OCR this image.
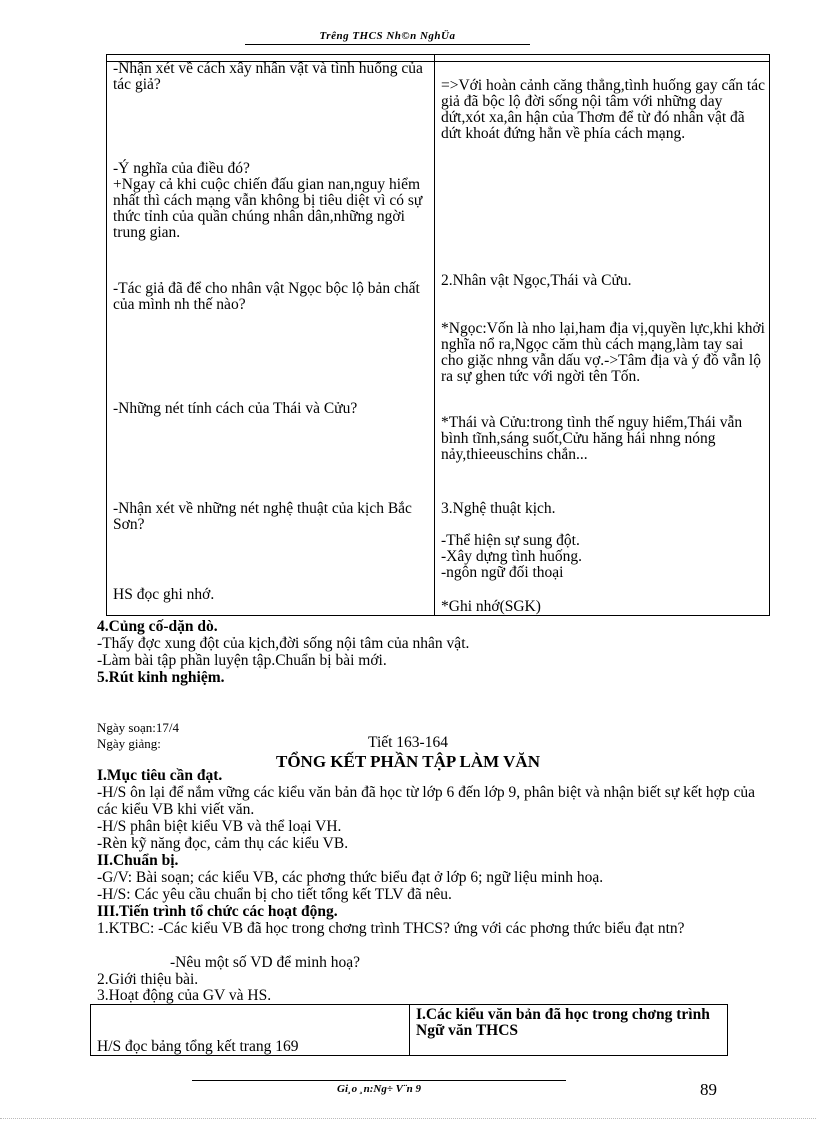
Trêng THCS Nh©n NghÜa
-Nhận xét về cách xây nhân vật và tình huống của tác giả?
-Ý nghĩa của điều đó?
+Ngay cả khi cuộc chiến đấu gian nan,nguy hiểm nhất thì cách mạng vẫn không bị tiêu diệt vì có sự thức tỉnh của quần chúng nhân dân,những ngời trung gian.
-Tác giả đã để cho nhân vật Ngọc bộc lộ bản chất của mình nh thế nào?
-Những nét tính cách của Thái và Cửu?
-Nhận xét về những nét nghệ thuật của kịch Bắc Sơn?
HS đọc ghi nhớ.
=>Với hoàn cảnh căng thẳng,tình huống gay cấn tác giả đã bộc lộ đời sống nội tâm với những day dứt,xót xa,ân hận của Thơm để từ đó nhân vật đã dứt khoát đứng hẳn về phía cách mạng.
2.Nhân vật Ngọc,Thái và Cửu.
*Ngọc:Vốn là nho lại,ham địa vị,quyền lực,khi khởi nghĩa nổ ra,Ngọc căm thù cách mạng,làm tay sai cho giặc nhng vẫn dấu vợ.->Tâm địa và ý đồ vẫn lộ ra sự ghen tức với ngời tên Tốn.
*Thái và Cửu:trong tình thế nguy hiểm,Thái vẫn bình tĩnh,sáng suốt,Cửu hăng hái nhng nóng nảy,thieeuschins chắn...
3.Nghệ thuật kịch.
-Thể hiện sự sung đột.
-Xây dựng tình huống.
-ngôn ngữ đối thoại
*Ghi nhớ(SGK)
4.Củng cố-dặn dò.
-Thấy đợc xung đột của kịch,đời sống nội tâm của nhân vật.
-Làm bài tập phần luyện tập.Chuẩn bị bài mới.
5.Rút kinh nghiệm.
Ngày soạn:17/4
Ngày giảng:	Tiết 163-164
TỔNG KẾT PHẦN TẬP LÀM VĂN
I.Mục tiêu cần đạt.
-H/S ôn lại để nắm vững các kiểu văn bản đã học từ lớp 6 đến lớp 9, phân biệt và nhận biết sự kết hợp của các kiểu VB khi viết văn.
-H/S phân biệt kiểu VB và thể loại VH.
-Rèn kỹ năng đọc, cảm thụ các kiểu VB.
II.Chuẩn bị.
-G/V: Bài soạn; các kiểu VB, các phơng thức biểu đạt ở lớp 6; ngữ liệu minh hoạ.
-H/S: Các yêu cầu chuẩn bị cho tiết tổng kết TLV đã nêu.
III.Tiến trình tổ chức các hoạt động.
1.KTBC: -Các kiểu VB đã học trong chơng trình THCS? ứng với các phơng thức biểu đạt ntn?
-Nêu một số VD để minh hoạ?
2.Giới thiệu bài.
3.Hoạt động của GV và HS.
H/S đọc bảng tổng kết trang 169
I.Các kiểu văn bản đã học trong chơng trình Ngữ văn THCS
Gi¸o ¸n:Ng÷ V¨n 9	89
